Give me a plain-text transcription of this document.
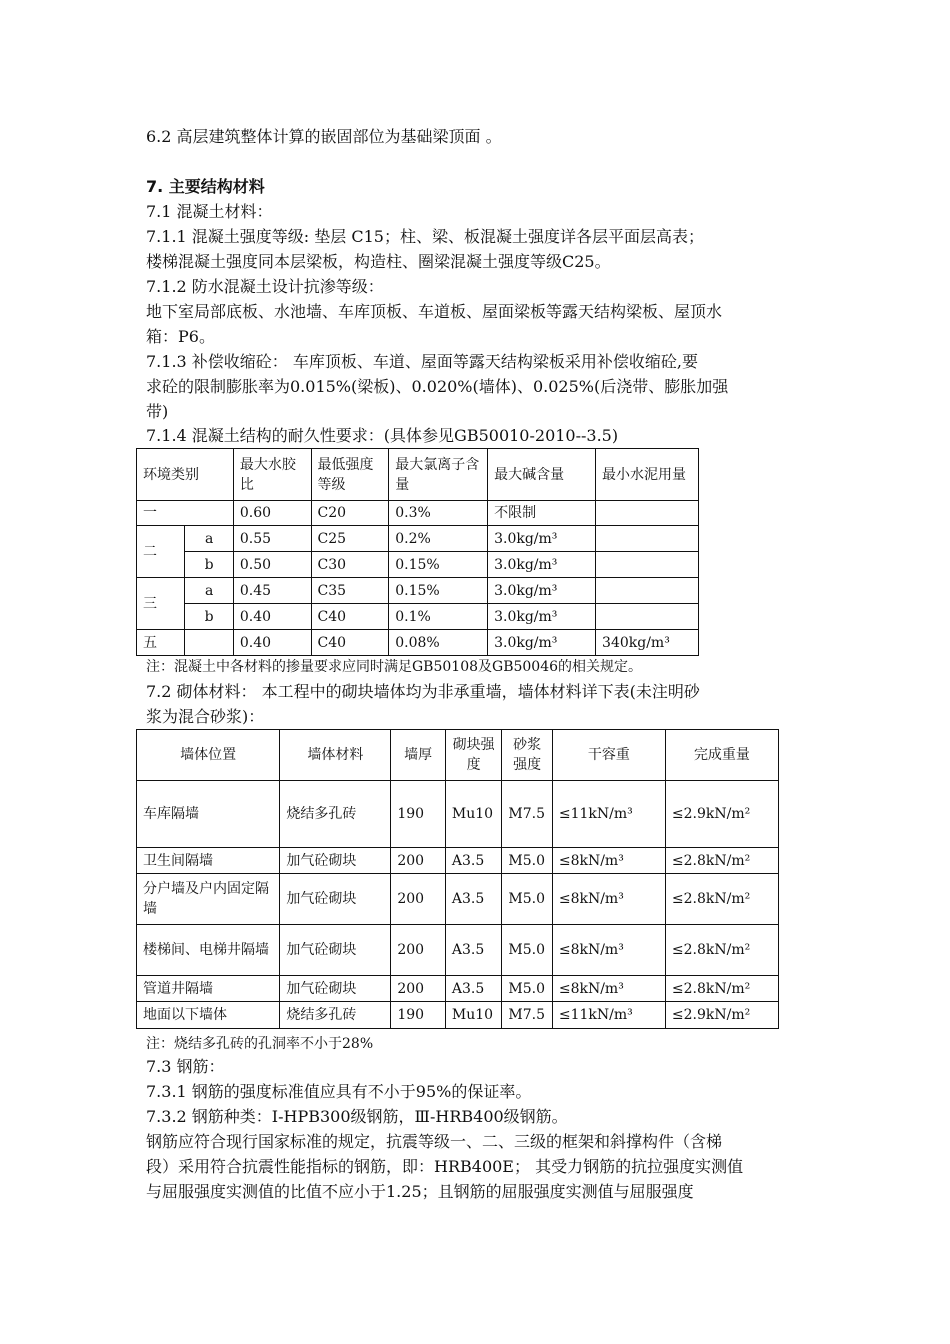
6.2 高层建筑整体计算的嵌固部位为基础梁顶面 。
7. 主要结构材料
7.1 混凝土材料：
7.1.1 混凝土强度等级: 垫层 C15；柱、梁、板混凝土强度详各层平面层高表；
楼梯混凝土强度同本层梁板，构造柱、圈梁混凝土强度等级C25。
7.1.2 防水混凝土设计抗渗等级：
地下室局部底板、水池墙、车库顶板、车道板、屋面梁板等露天结构梁板、屋顶水
箱：P6。
7.1.3 补偿收缩砼： 车库顶板、车道、屋面等露天结构梁板采用补偿收缩砼,要
求砼的限制膨胀率为0.015%(梁板)、0.020%(墙体)、0.025%(后浇带、膨胀加强
带)
7.1.4 混凝土结构的耐久性要求：(具体参见GB50010-2010--3.5)
环境类别		最大水胶比	最低强度等级	最大氯离子含量	最大碱含量	最小水泥用量
一		0.60	C20	0.3%	不限制	
二	a	0.55	C25	0.2%	3.0kg/m³	
	b	0.50	C30	0.15%	3.0kg/m³	
三	a	0.45	C35	0.15%	3.0kg/m³	
	b	0.40	C40	0.1%	3.0kg/m³	
五		0.40	C40	0.08%	3.0kg/m³	340kg/m³
注：混凝土中各材料的掺量要求应同时满足GB50108及GB50046的相关规定。
7.2 砌体材料： 本工程中的砌块墙体均为非承重墙，墙体材料详下表(未注明砂
浆为混合砂浆)：
墙体位置	墙体材料	墙厚	砌块强度	砂浆强度	干容重	完成重量
车库隔墙	烧结多孔砖	190	Mu10	M7.5	≤11kN/m³	≤2.9kN/m²
卫生间隔墙	加气砼砌块	200	A3.5	M5.0	≤8kN/m³	≤2.8kN/m²
分户墙及户内固定隔墙	加气砼砌块	200	A3.5	M5.0	≤8kN/m³	≤2.8kN/m²
楼梯间、电梯井隔墙	加气砼砌块	200	A3.5	M5.0	≤8kN/m³	≤2.8kN/m²
管道井隔墙	加气砼砌块	200	A3.5	M5.0	≤8kN/m³	≤2.8kN/m²
地面以下墙体	烧结多孔砖	190	Mu10	M7.5	≤11kN/m³	≤2.9kN/m²
注：烧结多孔砖的孔洞率不小于28%
7.3 钢筋：
7.3.1 钢筋的强度标准值应具有不小于95%的保证率。
7.3.2 钢筋种类：Ⅰ-HPB300级钢筋，Ⅲ-HRB400级钢筋。
钢筋应符合现行国家标准的规定，抗震等级一、二、三级的框架和斜撑构件（含梯
段）采用符合抗震性能指标的钢筋，即：HRB400E； 其受力钢筋的抗拉强度实测值
与屈服强度实测值的比值不应小于1.25；且钢筋的屈服强度实测值与屈服强度
